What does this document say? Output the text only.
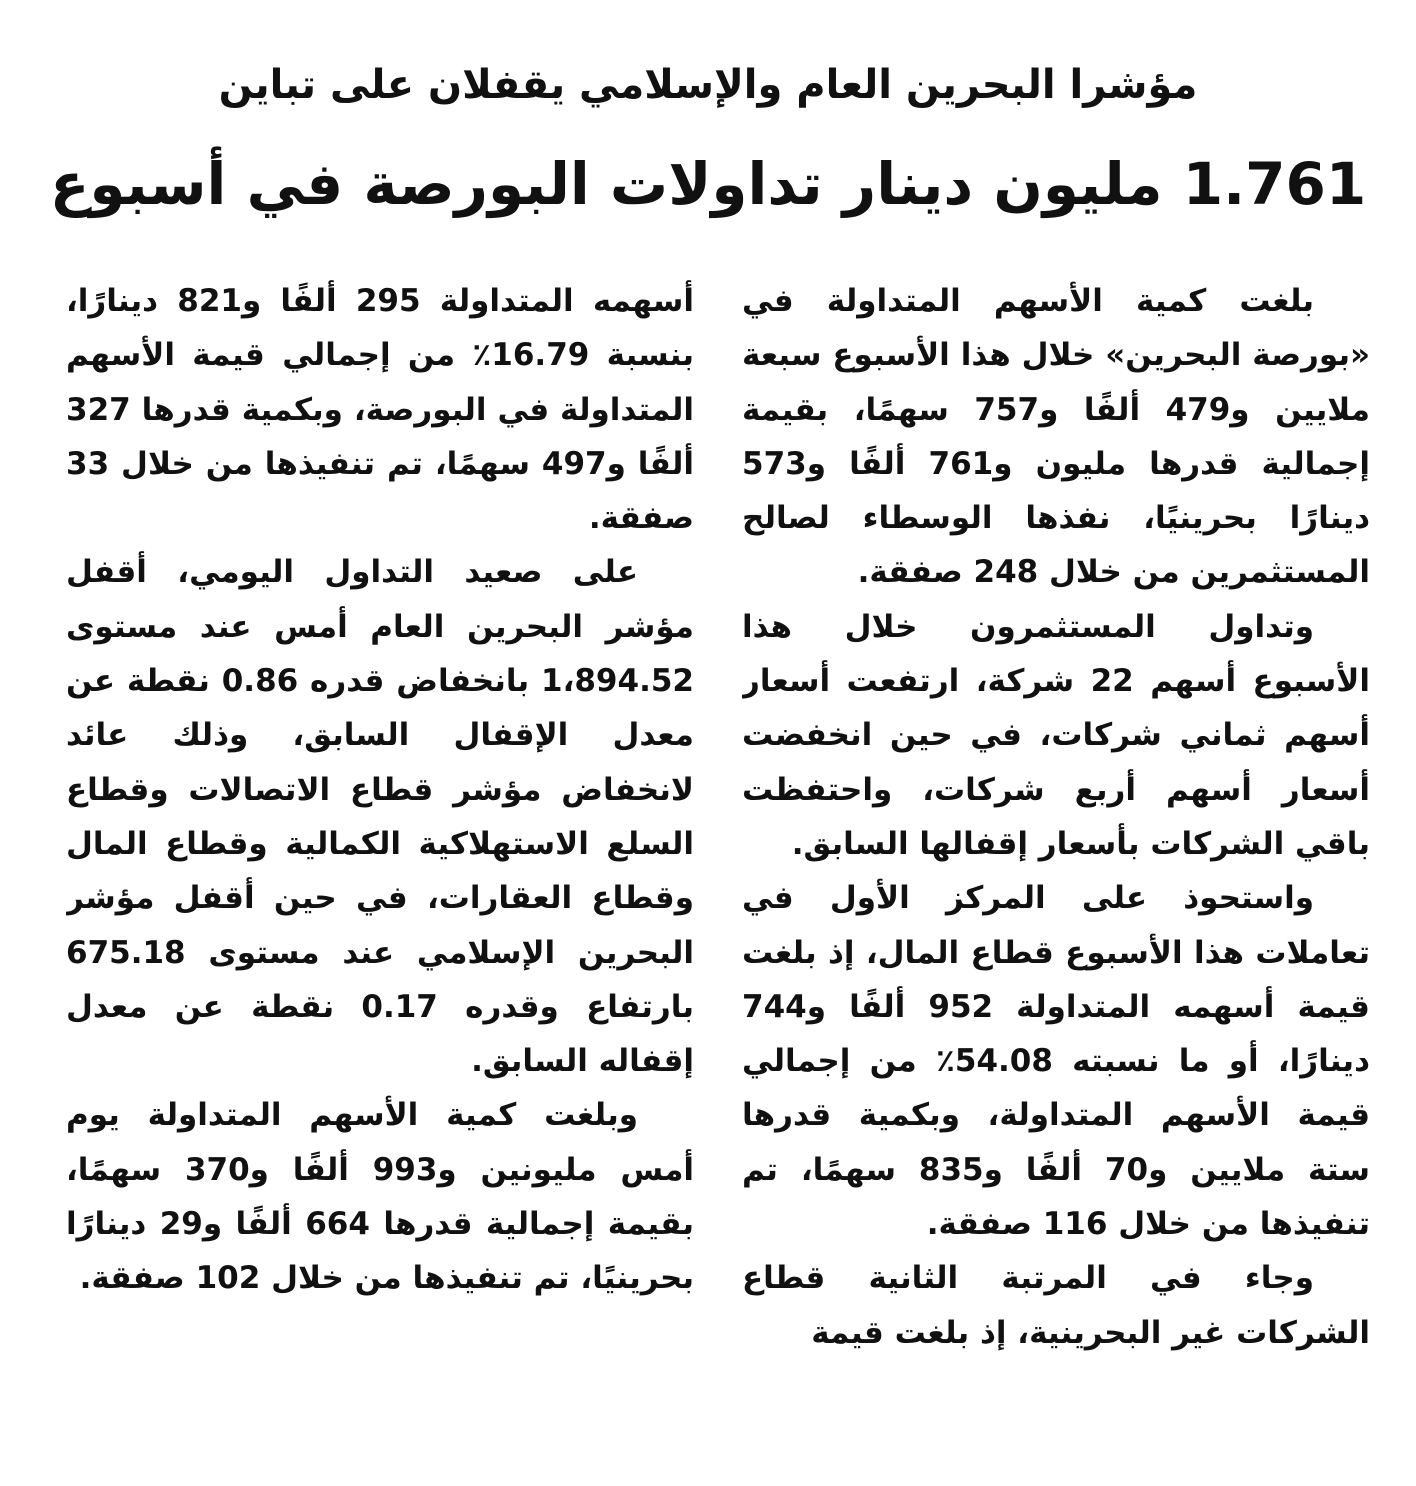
مؤشرا البحرين العام والإسلامي يقفلان على تباين
1.761 مليون دينار تداولات البورصة في أسبوع

بلغت كمية الأسهم المتداولة في «بورصة البحرين» خلال هذا الأسبوع سبعة ملايين و479 ألفًا و757 سهمًا، بقيمة إجمالية قدرها مليون و761 ألفًا و573 دينارًا بحرينيًا، نفذها الوسطاء لصالح المستثمرين من خلال 248 صفقة.

وتداول المستثمرون خلال هذا الأسبوع أسهم 22 شركة، ارتفعت أسعار أسهم ثماني شركات، في حين انخفضت أسعار أسهم أربع شركات، واحتفظت باقي الشركات بأسعار إقفالها السابق.

واستحوذ على المركز الأول في تعاملات هذا الأسبوع قطاع المال، إذ بلغت قيمة أسهمه المتداولة 952 ألفًا و744 دينارًا، أو ما نسبته 54.08٪ من إجمالي قيمة الأسهم المتداولة، وبكمية قدرها ستة ملايين و70 ألفًا و835 سهمًا، تم تنفيذها من خلال 116 صفقة.

وجاء في المرتبة الثانية قطاع الشركات غير البحرينية، إذ بلغت قيمة

أسهمه المتداولة 295 ألفًا و821 دينارًا، بنسبة 16.79٪ من إجمالي قيمة الأسهم المتداولة في البورصة، وبكمية قدرها 327 ألفًا و497 سهمًا، تم تنفيذها من خلال 33 صفقة.

على صعيد التداول اليومي، أقفل مؤشر البحرين العام أمس عند مستوى 1،894.52 بانخفاض قدره 0.86 نقطة عن معدل الإقفال السابق، وذلك عائد لانخفاض مؤشر قطاع الاتصالات وقطاع السلع الاستهلاكية الكمالية وقطاع المال وقطاع العقارات، في حين أقفل مؤشر البحرين الإسلامي عند مستوى 675.18 بارتفاع وقدره 0.17 نقطة عن معدل إقفاله السابق.

وبلغت كمية الأسهم المتداولة يوم أمس مليونين و993 ألفًا و370 سهمًا، بقيمة إجمالية قدرها 664 ألفًا و29 دينارًا بحرينيًا، تم تنفيذها من خلال 102 صفقة.
